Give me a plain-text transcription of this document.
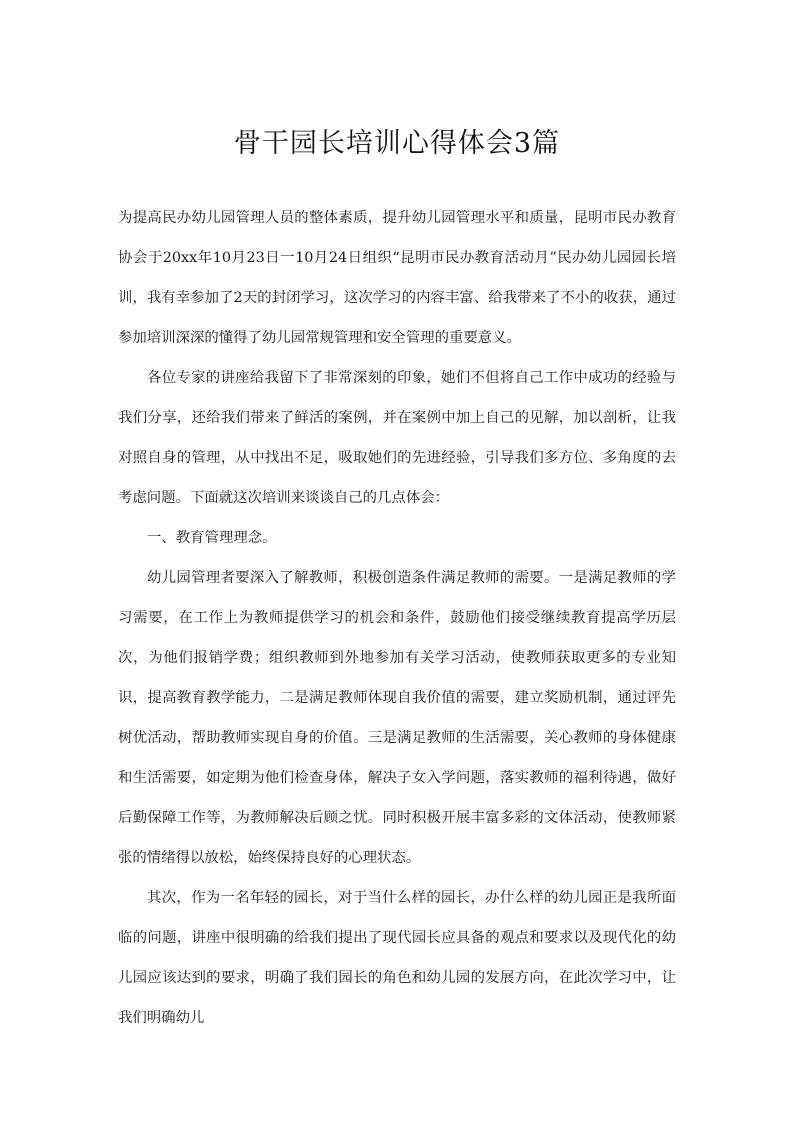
骨干园长培训心得体会3篇

为提高民办幼儿园管理人员的整体素质，提升幼儿园管理水平和质量，昆明市民办教育协会于20xx年10月23日一10月24日组织“昆明市民办教育活动月”民办幼儿园园长培训，我有幸参加了2天的封闭学习，这次学习的内容丰富、给我带来了不小的收获，通过参加培训深深的懂得了幼儿园常规管理和安全管理的重要意义。

各位专家的讲座给我留下了非常深刻的印象，她们不但将自己工作中成功的经验与我们分享，还给我们带来了鲜活的案例，并在案例中加上自己的见解，加以剖析，让我对照自身的管理，从中找出不足，吸取她们的先进经验，引导我们多方位、多角度的去考虑问题。下面就这次培训来谈谈自己的几点体会：

一、教育管理理念。

幼儿园管理者要深入了解教师，积极创造条件满足教师的需要。一是满足教师的学习需要，在工作上为教师提供学习的机会和条件，鼓励他们接受继续教育提高学历层次，为他们报销学费；组织教师到外地参加有关学习活动，使教师获取更多的专业知识，提高教育教学能力，二是满足教师体现自我价值的需要，建立奖励机制，通过评先树优活动，帮助教师实现自身的价值。三是满足教师的生活需要，关心教师的身体健康和生活需要，如定期为他们检查身体，解决子女入学问题，落实教师的福利待遇，做好后勤保障工作等，为教师解决后顾之忧。同时积极开展丰富多彩的文体活动，使教师紧张的情绪得以放松，始终保持良好的心理状态。

其次，作为一名年轻的园长，对于当什么样的园长，办什么样的幼儿园正是我所面临的问题，讲座中很明确的给我们提出了现代园长应具备的观点和要求以及现代化的幼儿园应该达到的要求，明确了我们园长的角色和幼儿园的发展方向，在此次学习中，让我们明确幼儿
